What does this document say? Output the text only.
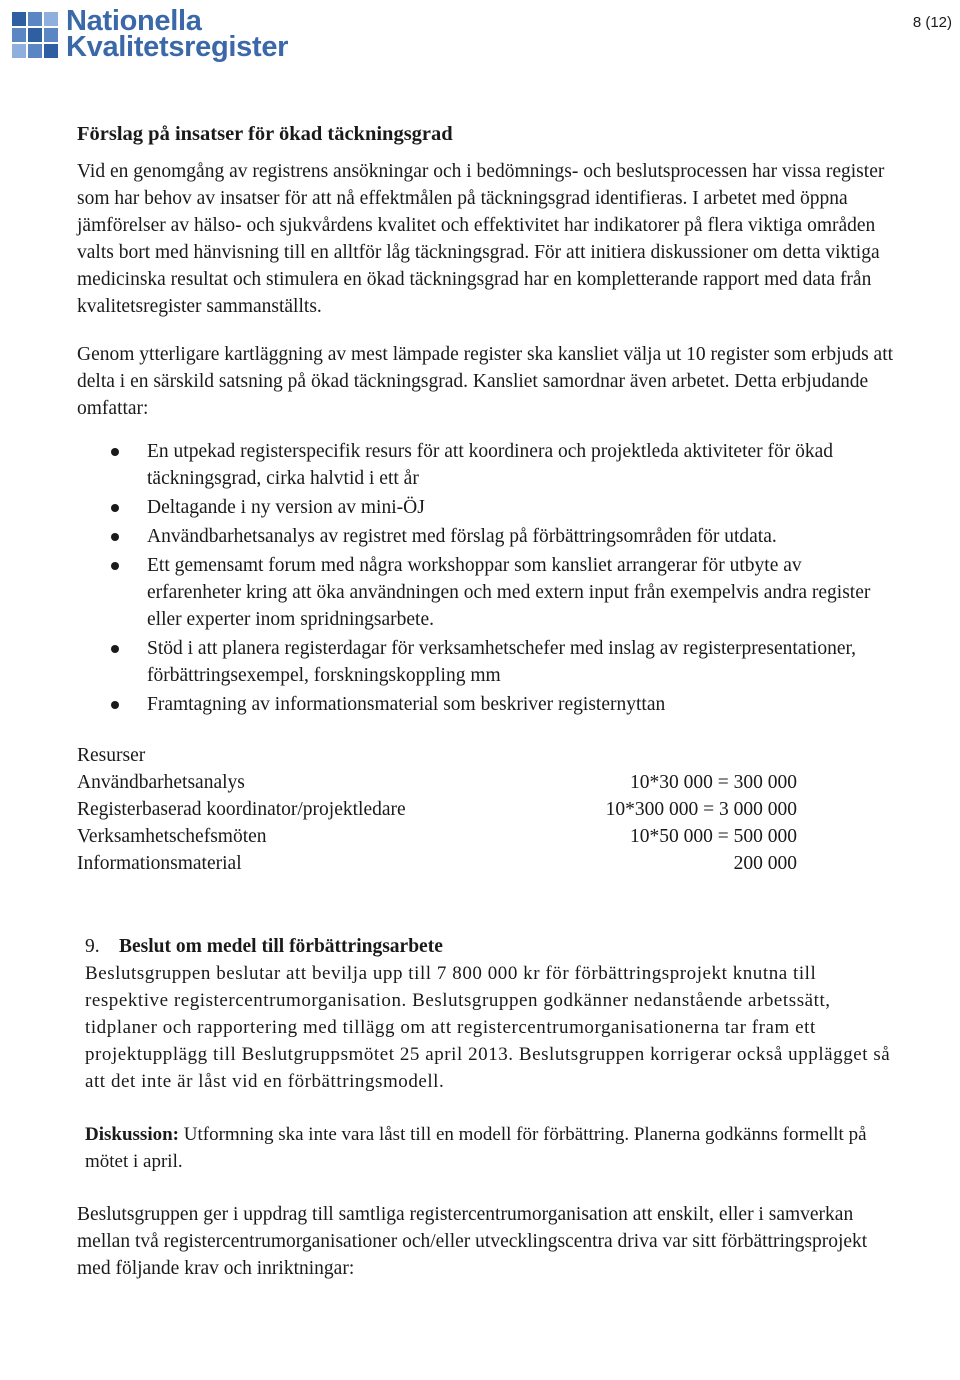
Nationella
Kvalitetsregister
8 (12)
Förslag på insatser för ökad täckningsgrad

Vid en genomgång av registrens ansökningar och i bedömnings- och beslutsprocessen har vissa register som har behov av insatser för att nå effektmålen på täckningsgrad identifieras. I arbetet med öppna jämförelser av hälso- och sjukvårdens kvalitet och effektivitet har indikatorer på flera viktiga områden valts bort med hänvisning till en alltför låg täckningsgrad. För att initiera diskussioner om detta viktiga medicinska resultat och stimulera en ökad täckningsgrad har en kompletterande rapport med data från kvalitetsregister sammanställts.

Genom ytterligare kartläggning av mest lämpade register ska kansliet välja ut 10 register som erbjuds att delta i en särskild satsning på ökad täckningsgrad. Kansliet samordnar även arbetet. Detta erbjudande omfattar:

En utpekad registerspecifik resurs för att koordinera och projektleda aktiviteter för ökad täckningsgrad, cirka halvtid i ett år
Deltagande i ny version av mini-ÖJ
Användbarhetsanalys av registret med förslag på förbättringsområden för utdata.
Ett gemensamt forum med några workshoppar som kansliet arrangerar för utbyte av erfarenheter kring att öka användningen och med extern input från exempelvis andra register eller experter inom spridningsarbete.
Stöd i att planera registerdagar för verksamhetschefer med inslag av registerpresentationer, förbättringsexempel, forskningskoppling mm
Framtagning av informationsmaterial som beskriver registernyttan
Resurser	
Användbarhetsanalys	10*30 000 = 300 000
Registerbaserad koordinator/projektledare	10*300 000 = 3 000 000
Verksamhetschefsmöten	10*50 000 = 500 000
Informationsmaterial	200 000
9. Beslut om medel till förbättringsarbete

Beslutsgruppen beslutar att bevilja upp till 7 800 000 kr för förbättringsprojekt knutna till respektive registercentrumorganisation. Beslutsgruppen godkänner nedanstående arbetssätt, tidplaner och rapportering med tillägg om att registercentrumorganisationerna tar fram ett projektupplägg till Beslutgruppsmötet 25 april 2013. Beslutsgruppen korrigerar också upplägget så att det inte är låst vid en förbättringsmodell.

Diskussion: Utformning ska inte vara låst till en modell för förbättring. Planerna godkänns formellt på mötet i april.

Beslutsgruppen ger i uppdrag till samtliga registercentrumorganisation att enskilt, eller i samverkan mellan två registercentrumorganisationer och/eller utvecklingscentra driva var sitt förbättringsprojekt med följande krav och inriktningar:
